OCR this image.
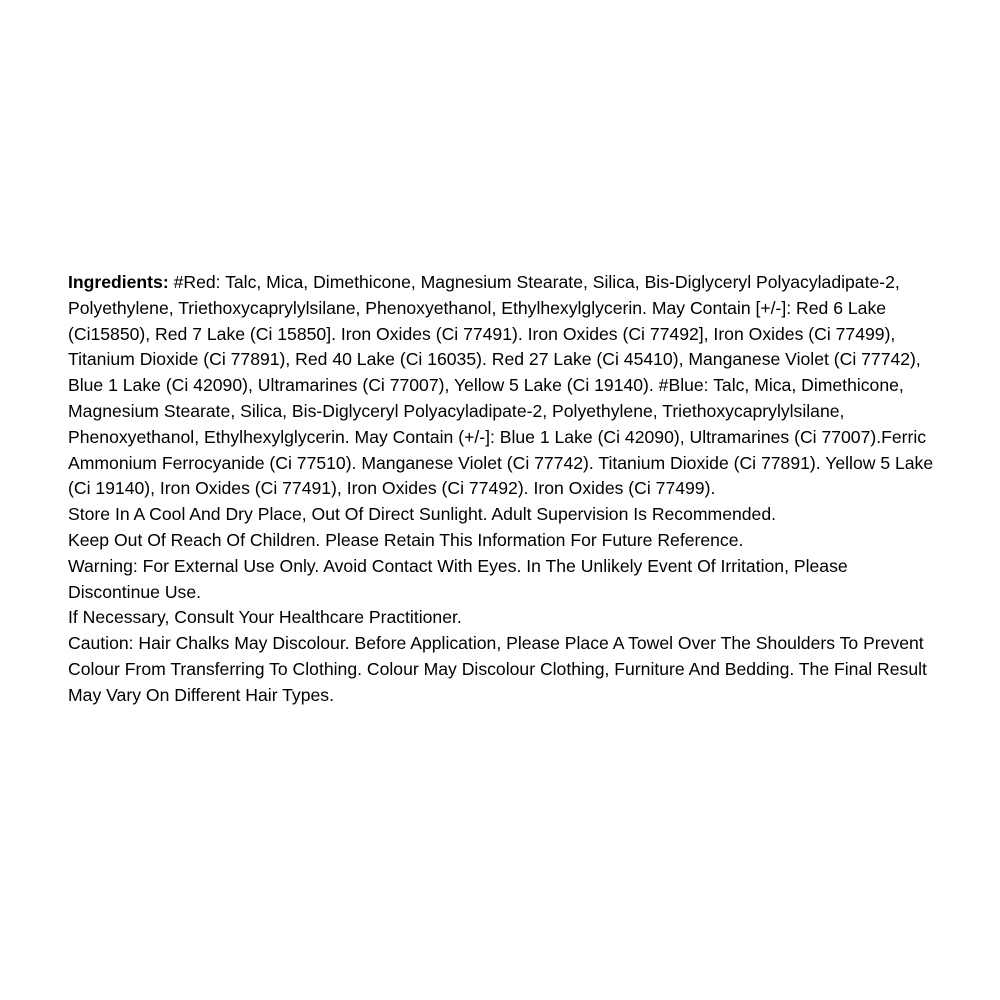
Ingredients: #Red: Talc, Mica, Dimethicone, Magnesium Stearate, Silica, Bis-Diglyceryl Polyacyladipate-2, Polyethylene, Triethoxycaprylylsilane, Phenoxyethanol, Ethylhexylglycerin. May Contain [+/-]: Red 6 Lake (Ci15850), Red 7 Lake (Ci 15850]. Iron Oxides (Ci 77491). Iron Oxides (Ci 77492], Iron Oxides (Ci 77499), Titanium Dioxide (Ci 77891), Red 40 Lake (Ci 16035). Red 27 Lake (Ci 45410), Manganese Violet (Ci 77742), Blue 1 Lake (Ci 42090), Ultramarines (Ci 77007), Yellow 5 Lake (Ci 19140). #Blue: Talc, Mica, Dimethicone, Magnesium Stearate, Silica, Bis-Diglyceryl Polyacyladipate-2, Polyethylene, Triethoxycaprylylsilane, Phenoxyethanol, Ethylhexylglycerin. May Contain (+/-]: Blue 1 Lake (Ci 42090), Ultramarines (Ci 77007).Ferric Ammonium Ferrocyanide (Ci 77510). Manganese Violet (Ci 77742). Titanium Dioxide (Ci 77891). Yellow 5 Lake (Ci 19140), Iron Oxides (Ci 77491), Iron Oxides (Ci 77492). Iron Oxides (Ci 77499).

Store In A Cool And Dry Place, Out Of Direct Sunlight. Adult Supervision Is Recommended.

Keep Out Of Reach Of Children. Please Retain This Information For Future Reference.

Warning: For External Use Only. Avoid Contact With Eyes. In The Unlikely Event Of Irritation, Please Discontinue Use.

If Necessary, Consult Your Healthcare Practitioner.

Caution: Hair Chalks May Discolour. Before Application, Please Place A Towel Over The Shoulders To Prevent Colour From Transferring To Clothing. Colour May Discolour Clothing, Furniture And Bedding. The Final Result May Vary On Different Hair Types.
